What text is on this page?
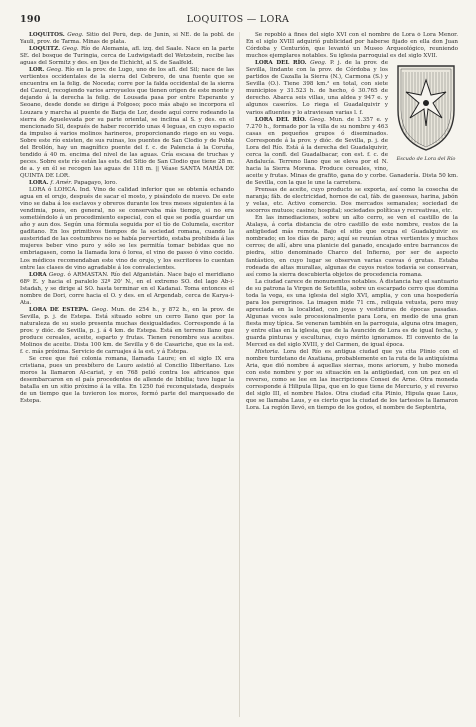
190	LOQUITOS — LORA

LOQUITOS. Geog. Sitio del Perú, dep. de Junín, sí NE. de la pobl. de Yauli, prov. de Tarma. Minas de plata.

LOQUITZ. Geog. Río de Alemania, afl. izq. del Saale. Nace en la parte SE. del bosque de Turingia, cerca de Ludwigstadt del Wetzstein, recibe las aguas del Sormitz y des. en Ijes de Eichicht, al S. de Saalfeld.

LOR. Geog. Río en la prov. de Lugo, uno de los afl. del Sil; nace de las vertientes occidentales de la sierra del Cebrero, de una fuente que se encuentra en la felig. de Noceda; corre por la falda occidental de la sierra del Caurel, recogiendo varios arroyuelos que tienen origen de este monte y dejando á la derecha la felig. de Lousada pasa por entre Esperante y Seoane, desde donde se dirige á Folgoso; poco más abajo se incorpora el Louzara y marcha al puente de Barja de Lor, desde aquí corre rodeando la sierra de Aguelevada por su parte oriental, se inclina al S. y des. en el mencionado Sil, después de haber recorrido unas 4 leguas, en cuyo espacio da impulso á varios molinos harineros, proporcionando riego en su vega. Sobre este río existen, de sus ruinas, los puentes de San Clodio y de Pobla del Brollón, hay un magnífico puente del f. c. de Palencia á la Coruña, tendido á 40 m. encima del nivel de las aguas. Cría escasa de truchas y peces. Sobre este río están las ests. del Sitio de San Clodio que tiene 28 m. de a. y en él se recogen las aguas de 118 m. || Véase SANTA MARÍA DE QUINTA DE LOR.

LORA. f. Amér. Papagayo, loro.

LORA ó LOHCA. Ind. Vino de calidad inferior que se obtenía echando agua en el orujo, después de sacar el mosto, y pisándolo de nuevo. De este vino se daba á los esclavos y obreros durante los tres meses siguientes á la vendimia, pues, en general, no se conservaba más tiempo, si no era sometiéndolo á un procedimiento especial, con el que se podía guardar un año y aun dos. Según una fórmula seguida por el tío de Columela, escritor gaditano. En los primitivos tiempos de la sociedad romana, cuando la austeridad de las costumbres no se había pervertido, estaba prohibida á las mujeres beber vino puro y sólo se les permitía tomar bebidas que no embriagasen, como la llamada lora ó lorea, el vino de passo ó vino cocido. Los médicos recomendaban este vino de orujo, y los escritores lo cuentan entre las clases de vino agradable á los convalecientes.

LORA Geog. ó ARMASTAN. Río del Afganistán. Nace bajo el meridiano 68º E. y hacia el paralelo 32º 20' N., en el extremo SO. del lago Ab-i-Istadah, y se dirige al SO. hasta terminar en el Kadanai. Toma entonces el nombre de Dori, corre hacia el O. y des. en el Argendab, cerca de Karya-i-Ata.

LORA DE ESTEPA. Geog. Mun. de 254 h., y 872 h., en la prov. de Sevilla, p. j. de Estepa. Está situado sobre un cerro llano que por la naturaleza de su suelo presenta muchas desigualdades. Corresponde á la prov. y dióc. de Sevilla, p. j. á 4 km. de Estepa. Está en terreno llano que produce cereales, aceite, esparto y frutas. Tienen renombre sus aceites. Molinos de aceite. Dista 100 km. de Sevilla y 6 de Casariche, que es la est. f. c. más próxima. Servicio de carruajes á la est. y á Estepa.

Se cree que fué colonia romana, llamada Laure; en el siglo IX era cristiana, pues un presbítero de Lauro asistió al Concilio Iliberitano. Los moros la llamaron Al-cariat, y en 768 pelió contra los africanos que desembarcaron en el país procedentes de allende de Ixbilia; tuvo lugar la batalla en un sitio próximo á la villa. En 1250 fué reconquistada, después de un tiempo que la tuvieron los moros, formó parte del marquesado de Estepa.

Se repobló á fines del siglo XVI con el nombre de Lora ó Lora Menor. En el siglo XVIII adquirió publicidad por haberse fijado en ella don Juan Córdoba y Centurión, que levantó un Museo Arqueológico, reuniendo muchos ejemplares notables. Su iglesia parroquial es del siglo XVII.

Escudo de Lora del Río

LORA DEL RÍO. Geog. P. j. de la prov. de Sevilla, lindante con la prov. de Córdoba y los partidos de Cazalla la Sierra (N.), Carmona (S.) y Sevilla (O.). Tiene 398 km.² en total, con siete municipios y 31.523 h. de hecho, ó 30.765 de derecho. Abarca seis villas, una aldea y 947 e. y algunos caseríos. Lo riega el Guadalquivir y varios afluentes y lo atraviesan varias l. f.

LORA DEL RÍO. Geog. Mun. de 1.357 e. y 7.270 h., formado por la villa de su nombre y 463 casas en pequeños grupos ó diseminados. Corresponde á la prov. y dióc. de Sevilla, p. j. de Lora del Río. Está á la derecha del Guadalquivir, cerca la confl. del Guadalbacar, con est. f. c. de Andalucía. Terreno llano que se eleva por el N. hacia la Sierra Morena. Produce cereales, vino, aceite y frutas. Minas de grafito, gana do y corbe. Ganadería. Dista 50 km. de Sevilla, con la que le une la carretera.

Prensas de aceite, cuyo producto se exporta, así como la cosecha de naranja; fáb. de electricidad, hornos de cal, fáb. de gaseosas, harina, jabón y velas, etc. Activo comercio. Dos mercados semanales; sociedad de socorros mutuos; casino; hospital; sociedades políticas y recreativas, etc.

En las inmediaciones, sobre un alto cerro, se ven el castillo de la Atalaya, á corta distancia de otro castillo de este nombre, restos de la antigüedad más remota. Bajo el sitio que ocupa el Guadalquivir es nombrado; en los días de paro; aquí se reunían otras vertientes y muchos cerros; de allí, abre una planicie del ganado, encajado entre barrancos de piedra, sitio denominado Charco del Infierno, por ser de aspecto fantástico, en cuyo lugar se observan varias cuevas ó grutas. Estaba rodeada de altas murallas, algunas de cuyos restos todavía se conservan, así como la sierra descubierta objetos de procedencia romana.

La ciudad carece de monumentos notables. Á distancia hay el santuario de su patrona la Virgen de Setefilla, sobre un escarpado cerro que domina toda la vega, es una iglesia del siglo XVI, amplia, y con una hospedería para los peregrinos. La imagen mide 71 cm., reliquia vetusta, pero muy apreciada en la localidad, con joyas y vestiduras de épocas pasadas. Algunas veces sale procesionalmente para Lora, en medio de una gran fiesta muy típica. Se veneran también en la parroquia, alguna otra imagen, y entre ellas en la iglesia, que de la Asunción de Lora es de igual fecha, y guarda pinturas y esculturas, cuyo mérito ignoramos. El convento de la Merced es del siglo XVIII, y del Carmen, de igual época.

Historia. Lora del Río es antigua ciudad que ya cita Plinio con el nombre turdetano de Axatiana, probablemente en la ruta de la antiquísima Aria, que dió nombre á aquellas sierras, mons ariorum, y hubo moneda con este nombre y por su situación en la antigüedad, con un pez en el reverso, como se lee en las inscripciones Consei de Arne. Otra moneda corresponde á Hilipula Ilipa, que en lo que tiene de Mercurio, y el reverso del siglo III, el nombre Halos. Otra ciudad cita Plinio, Hipula quae Laus, que se llamaba Laus, y es cierto que la ciudad de los tartesios la llamaron Lora. La región llevó, en tiempo de los godos, el nombre de Septentria,
